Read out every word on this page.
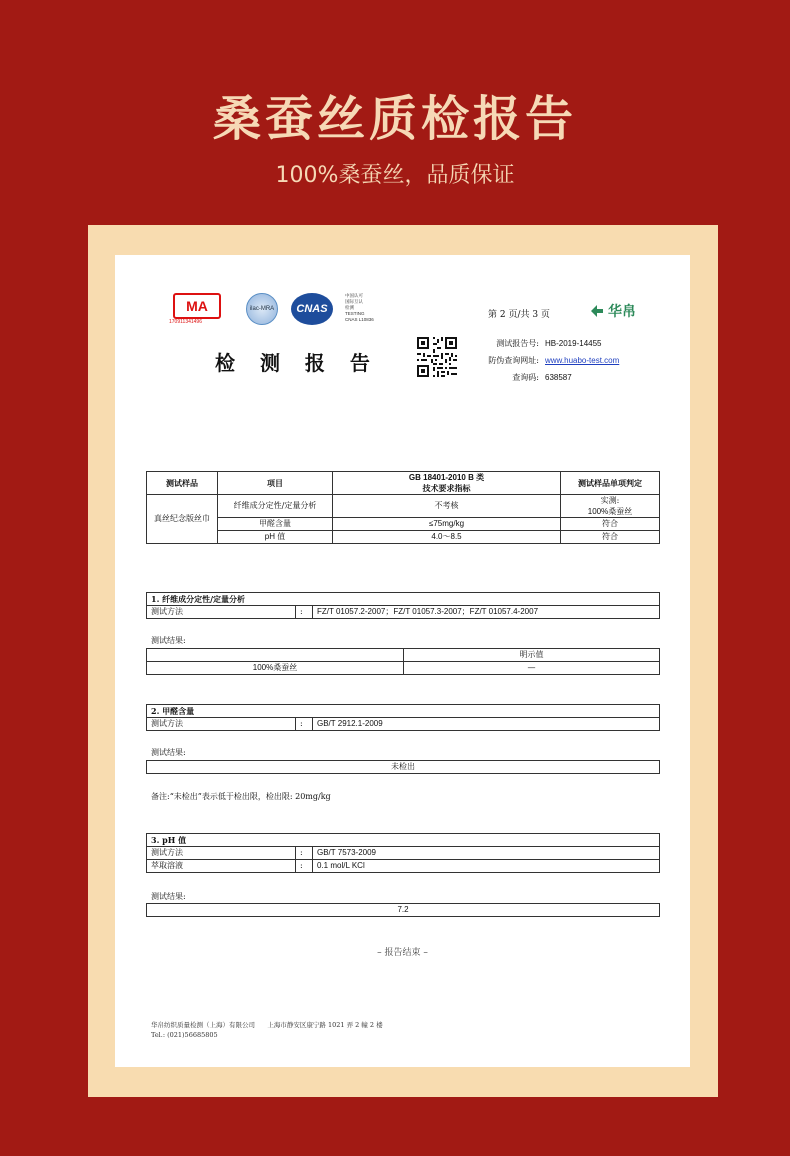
桑蚕丝质检报告
100%桑蚕丝，品质保证
MA
170911341496
ilac-MRA	CNAS
中国认可
国际互认
检测
TESTING
CNAS L10836	第 2 页/共 3 页	华帛
检 测 报 告
测试报告号: HB-2019-14455
防伪查询网址: www.huabo-test.com
查询码: 638587
测试样品	项目	GB 18401-2010 B 类
技术要求指标	测试样品单项判定
真丝纪念版丝巾	纤维成分定性/定量分析	不考核	实测:
100%桑蚕丝

	甲醛含量	≤75mg/kg	符合
	pH 值	4.0～8.5	符合
1. 纤维成分定性/定量分析
测试方法	:	FZ/T 01057.2-2007；FZ/T 01057.3-2007；FZ/T 01057.4-2007
测试结果:
	明示值
100%桑蚕丝	—
2. 甲醛含量
测试方法	:	GB/T 2912.1-2009
测试结果:
未检出
备注:“未检出”表示低于检出限，检出限: 20mg/kg
3. pH 值		
测试方法	:	GB/T 7573-2009
萃取溶液	:	0.1 mol/L KCl
测试结果:
7.2
– 报告结束 –
华帛纺织质量检测（上海）有限公司 上海市静安区康宁路 1021 弄 2 幢 2 楼
Tel.: (021)56685805
